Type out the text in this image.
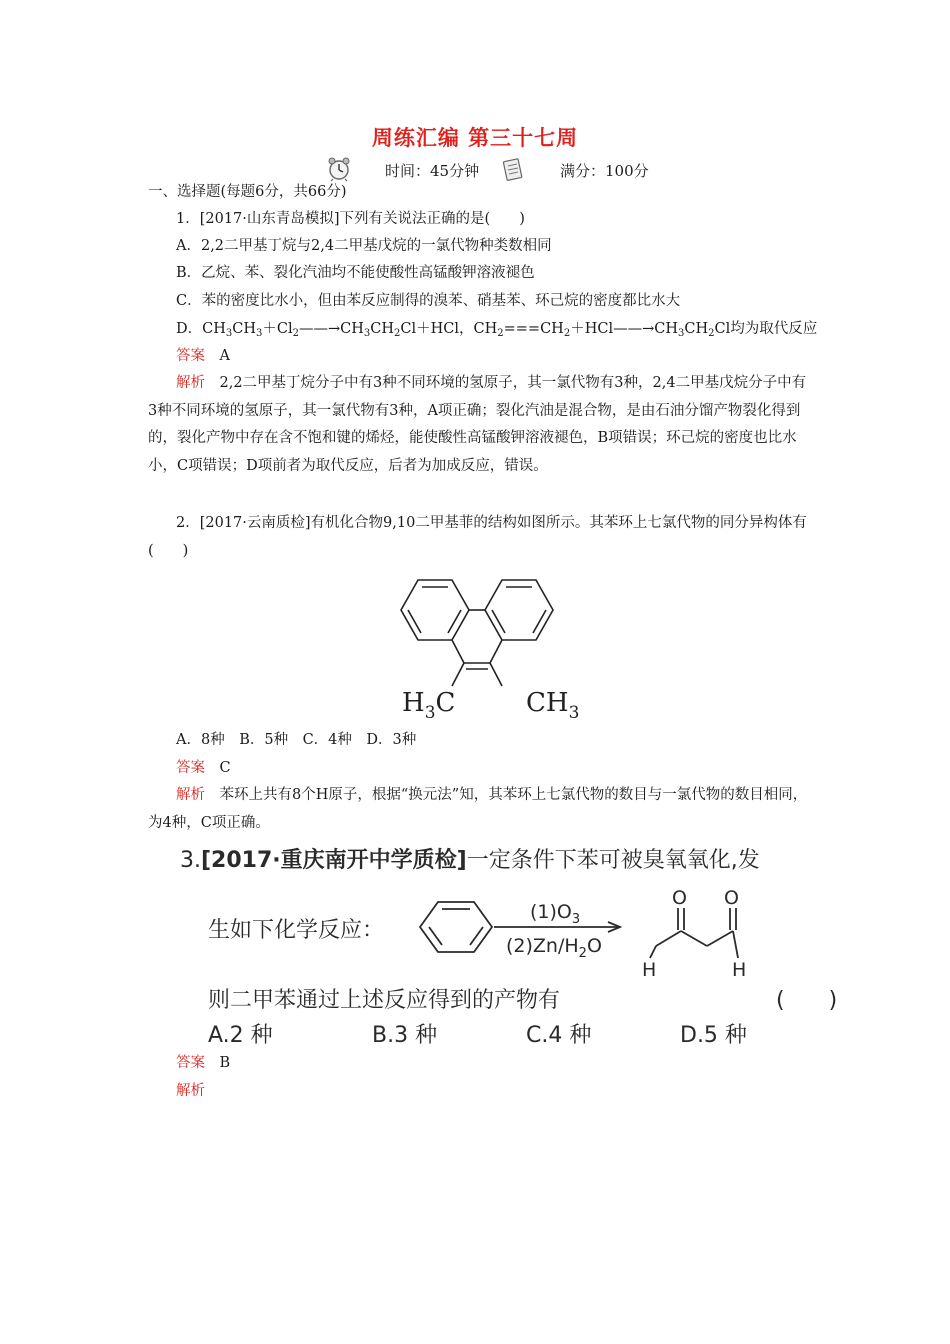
周练汇编 第三十七周
时间：45分钟	满分：100分
一、选择题(每题6分，共66分)
1．[2017·山东青岛模拟]下列有关说法正确的是(　　)
A．2,2二甲基丁烷与2,4二甲基戊烷的一氯代物种类数相同
B．乙烷、苯、裂化汽油均不能使酸性高锰酸钾溶液褪色
C．苯的密度比水小，但由苯反应制得的溴苯、硝基苯、环己烷的密度都比水大
D．$CH_3CH_3+Cl_2——\to CH_3CH_2Cl+HCl$，$CH_2===CH_2+HCl——\to CH_3CH_2Cl$均为取代反应
答案　 A
解析　 2,2二甲基丁烷分子中有3种不同环境的氢原子，其一氯代物有3种，2,4二甲基戊烷分子中有3种不同环境的氢原子，其一氯代物有3种，A项正确；裂化汽油是混合物，是由石油分馏产物裂化得到的，裂化产物中存在含不饱和键的烯烃，能使酸性高锰酸钾溶液褪色，B项错误；环己烷的密度也比水小，C项错误；D项前者为取代反应，后者为加成反应，错误。
2．[2017·云南质检]有机化合物9,10二甲基菲的结构如图所示。其苯环上七氯代物的同分异构体有(　　)
$H_3C$	$CH_3$
A．8种　B．5种　C．4种　D．3种
答案　 C
解析　 苯环上共有8个H原子，根据“换元法”知，其苯环上七氯代物的数目与一氯代物的数目相同，为4种，C项正确。
3.[2017·重庆南开中学质检]一定条件下苯可被臭氧氧化,发
生如下化学反应：
$(1)O_3$
$(2)Zn/H_2O$
O O
H	H
则二甲苯通过上述反应得到的产物有	(　　)
A.2 种	B.3 种	C.4 种	D.5 种
答案　 B
解析
